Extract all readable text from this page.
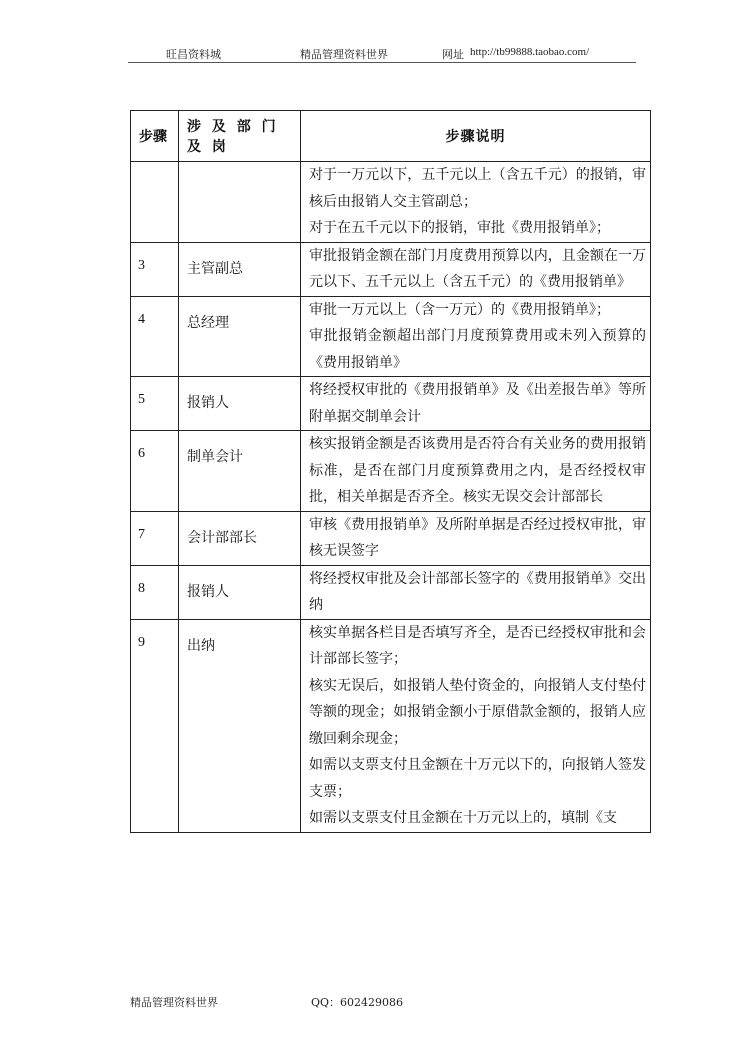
旺昌资料城	精品管理资料世界	网址 http://tb99888.taobao.com/
步骤	涉 及 部 门 及 岗	步骤说明

		对于一万元以下，五千元以上（含五千元）的报销，审核后由报销人交主管副总；
对于在五千元以下的报销，审批《费用报销单》；

3	主管副总	审批报销金额在部门月度费用预算以内，且金额在一万元以下、五千元以上（含五千元）的《费用报销单》

4	总经理	审批一万元以上（含一万元）的《费用报销单》；
审批报销金额超出部门月度预算费用或未列入预算的《费用报销单》

5	报销人	将经授权审批的《费用报销单》及《出差报告单》等所附单据交制单会计

6	制单会计	核实报销金额是否该费用是否符合有关业务的费用报销标准，是否在部门月度预算费用之内，是否经授权审批，相关单据是否齐全。核实无误交会计部部长

7	会计部部长	审核《费用报销单》及所附单据是否经过授权审批，审核无误签字

8	报销人	将经授权审批及会计部部长签字的《费用报销单》交出纳

9	出纳	核实单据各栏目是否填写齐全，是否已经授权审批和会计部部长签字；
核实无误后，如报销人垫付资金的，向报销人支付垫付等额的现金；如报销金额小于原借款金额的，报销人应缴回剩余现金；
如需以支票支付且金额在十万元以下的，向报销人签发支票；
如需以支票支付且金额在十万元以上的，填制《支
精品管理资料世界	QQ：602429086
